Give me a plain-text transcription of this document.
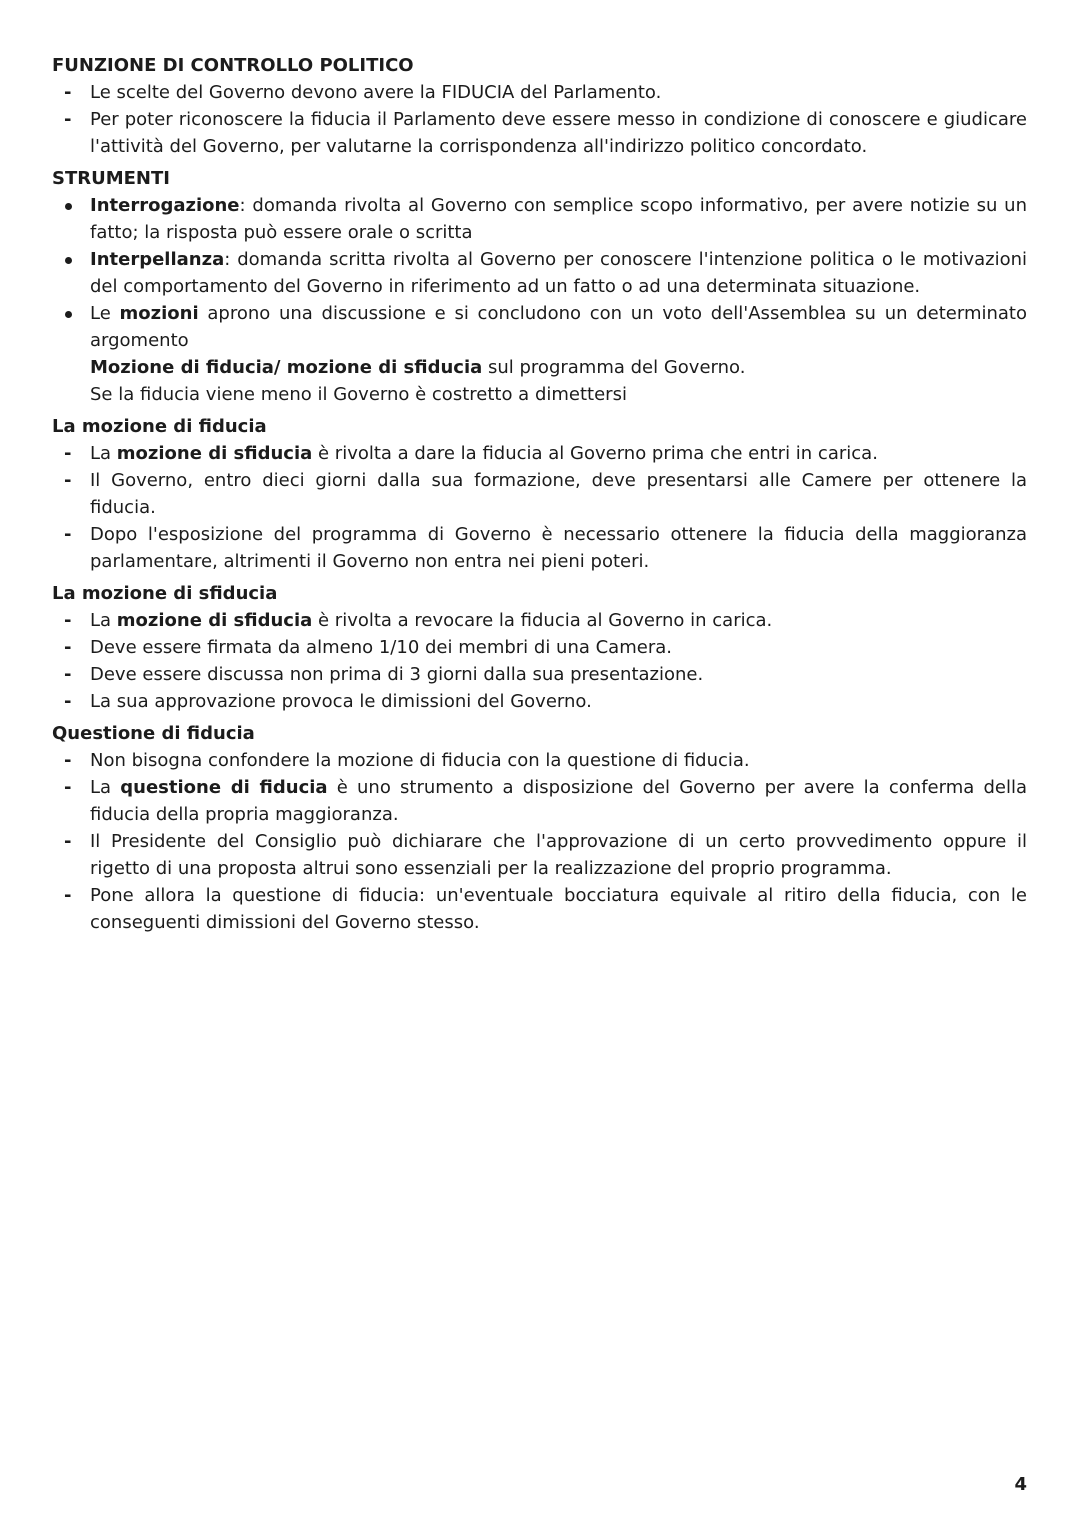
FUNZIONE DI CONTROLLO POLITICO

- Le scelte del Governo devono avere la FIDUCIA del Parlamento.
- Per poter riconoscere la fiducia il Parlamento deve essere messo in condizione di conoscere e giudicare l'attività del Governo, per valutarne la corrispondenza all'indirizzo politico concordato.

STRUMENTI

Interrogazione: domanda rivolta al Governo con semplice scopo informativo, per avere notizie su un fatto; la risposta può essere orale o scritta
Interpellanza: domanda scritta rivolta al Governo per conoscere l'intenzione politica o le motivazioni del comportamento del Governo in riferimento ad un fatto o ad una determinata situazione.
Le mozioni aprono una discussione e si concludono con un voto dell'Assemblea su un determinato argomento
Mozione di fiducia/ mozione di sfiducia sul programma del Governo.
Se la fiducia viene meno il Governo è costretto a dimettersi

La mozione di fiducia

- La mozione di sfiducia è rivolta a dare la fiducia al Governo prima che entri in carica.
- Il Governo, entro dieci giorni dalla sua formazione, deve presentarsi alle Camere per ottenere la fiducia.
- Dopo l'esposizione del programma di Governo è necessario ottenere la fiducia della maggioranza parlamentare, altrimenti il Governo non entra nei pieni poteri.

La mozione di sfiducia

- La mozione di sfiducia è rivolta a revocare la fiducia al Governo in carica.
- Deve essere firmata da almeno 1/10 dei membri di una Camera.
- Deve essere discussa non prima di 3 giorni dalla sua presentazione.
- La sua approvazione provoca le dimissioni del Governo.

Questione di fiducia

- Non bisogna confondere la mozione di fiducia con la questione di fiducia.
- La questione di fiducia è uno strumento a disposizione del Governo per avere la conferma della fiducia della propria maggioranza.
- Il Presidente del Consiglio può dichiarare che l'approvazione di un certo provvedimento oppure il rigetto di una proposta altrui sono essenziali per la realizzazione del proprio programma.
- Pone allora la questione di fiducia: un'eventuale bocciatura equivale al ritiro della fiducia, con le conseguenti dimissioni del Governo stesso.
4
